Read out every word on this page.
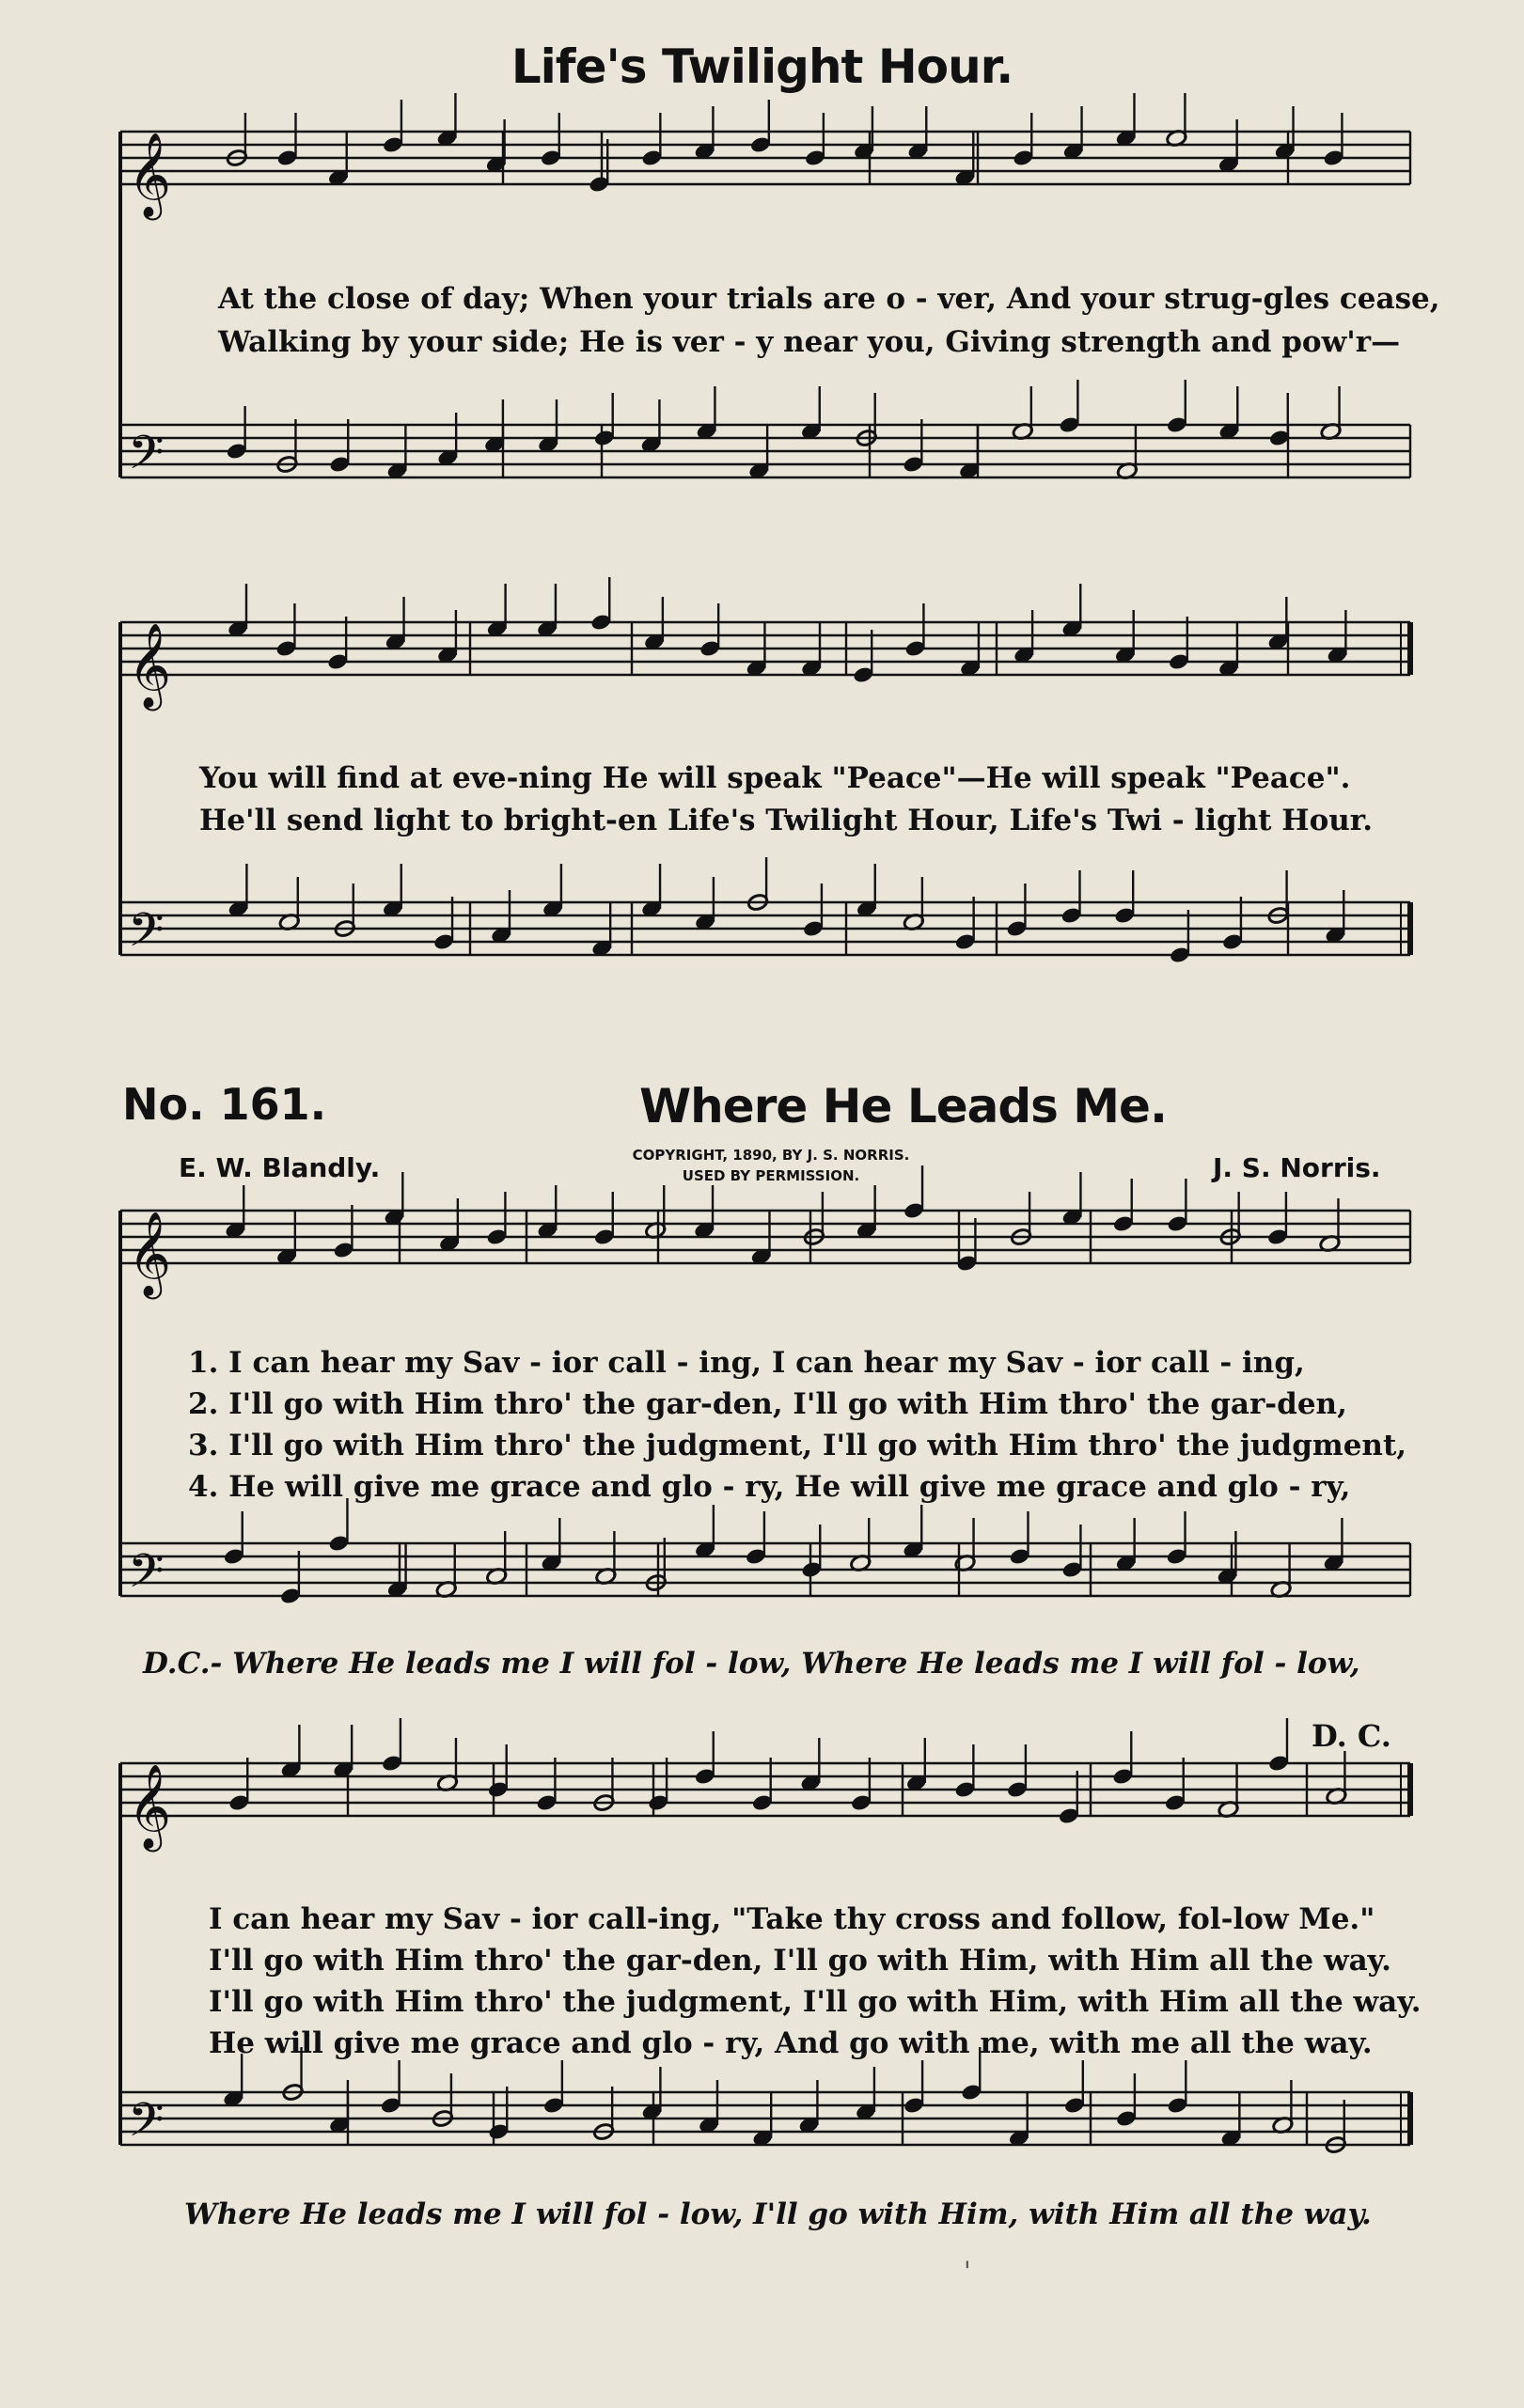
Life's Twilight Hour.
𝄞
𝄢
𝄞
𝄢
𝄞
𝄢
𝄞
𝄢
At the close of day; When your trials are o - ver, And your strug-gles cease,
Walking by your side; He is ver - y near you, Giving strength and pow'r—
You will find at eve-ning He will speak "Peace"—He will speak "Peace".
He'll send light to bright-en Life's Twilight Hour, Life's Twi - light Hour.
No. 161.	Where He Leads Me.
E. W. Blandly.	J. S. Norris.
COPYRIGHT, 1890, BY J. S. NORRIS.
USED BY PERMISSION.
1. I can hear my Sav - ior call - ing, I can hear my Sav - ior call - ing,
2. I'll go with Him thro' the gar-den, I'll go with Him thro' the gar-den,
3. I'll go with Him thro' the judgment, I'll go with Him thro' the judgment,
4. He will give me grace and glo - ry, He will give me grace and glo - ry,
D.C.- Where He leads me I will fol - low, Where He leads me I will fol - low,
D. C.
I can hear my Sav - ior call-ing, "Take thy cross and follow, fol-low Me."
I'll go with Him thro' the gar-den, I'll go with Him, with Him all the way.
I'll go with Him thro' the judgment, I'll go with Him, with Him all the way.
He will give me grace and glo - ry, And go with me, with me all the way.
Where He leads me I will fol - low, I'll go with Him, with Him all the way.
'
